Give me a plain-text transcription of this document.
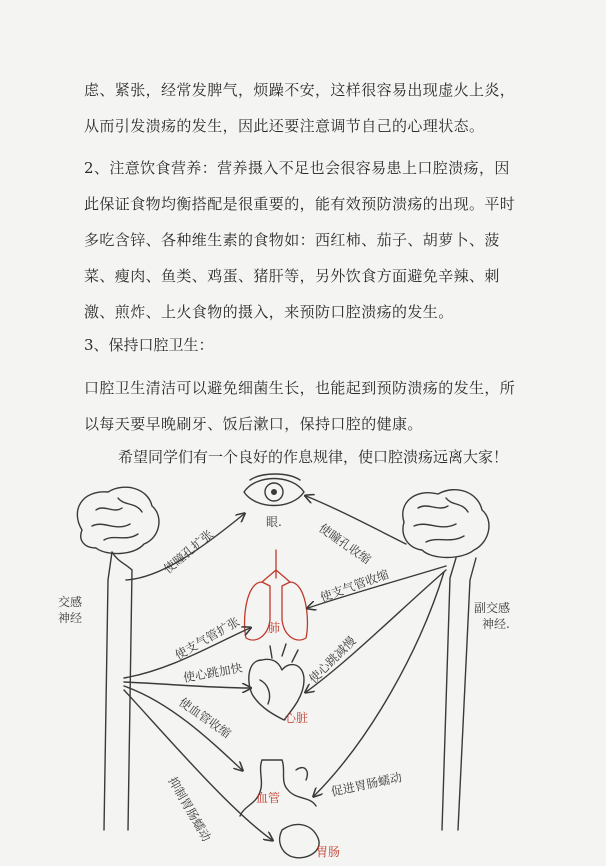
虑、紧张，经常发脾气，烦躁不安，这样很容易出现虚火上炎，从而引发溃疡的发生，因此还要注意调节自己的心理状态。

2、注意饮食营养：营养摄入不足也会很容易患上口腔溃疡，因此保证食物均衡搭配是很重要的，能有效预防溃疡的出现。平时多吃含锌、各种维生素的食物如：西红柿、茄子、胡萝卜、菠菜、瘦肉、鱼类、鸡蛋、猪肝等，另外饮食方面避免辛辣、刺激、煎炸、上火食物的摄入，来预防口腔溃疡的发生。

3、保持口腔卫生：

口腔卫生清洁可以避免细菌生长，也能起到预防溃疡的发生，所以每天要早晚刷牙、饭后漱口，保持口腔的健康。

希望同学们有一个良好的作息规律，使口腔溃疡远离大家！

交感
神经
副交感
神经.
眼.
肺
心脏
血管
胃肠
使瞳孔扩张
使支气管扩张
使心跳加快
使血管收缩
抑制胃肠蠕动
使瞳孔收缩
使支气管收缩
使心跳减慢
促进胃肠蠕动
